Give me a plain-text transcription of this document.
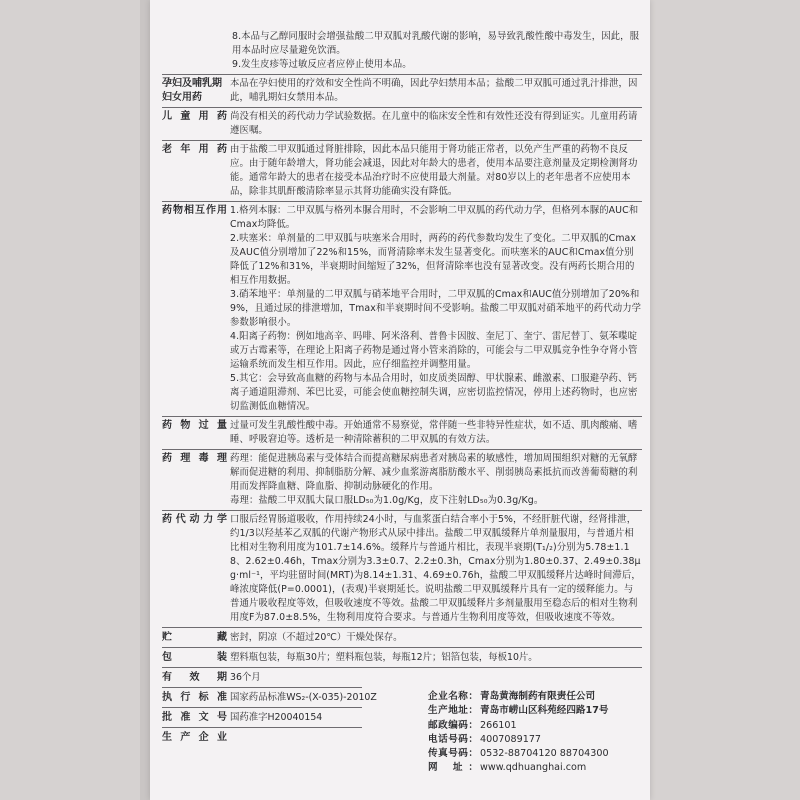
8.本品与乙醇同服时会增强盐酸二甲双胍对乳酸代谢的影响，易导致乳酸性酸中毒发生，因此，服用本品时应尽量避免饮酒。

9.发生皮疹等过敏反应者应停止使用本品。

孕妇及哺乳期妇女用药

本品在孕妇使用的疗效和安全性尚不明确，因此孕妇禁用本品；盐酸二甲双胍可通过乳汁排泄，因此，哺乳期妇女禁用本品。

儿童用药 尚没有相关的药代动力学试验数据。在儿童中的临床安全性和有效性还没有得到证实。儿童用药请遵医嘱。

老年用药 由于盐酸二甲双胍通过肾脏排除，因此本品只能用于肾功能正常者，以免产生严重的药物不良反应。由于随年龄增大，肾功能会减退，因此对年龄大的患者，使用本品要注意剂量及定期检测肾功能。通常年龄大的患者在接受本品治疗时不应使用最大剂量。对80岁以上的老年患者不应使用本品，除非其肌酐酸清除率显示其肾功能确实没有降低。

药物相互作用 1.格列本脲：二甲双胍与格列本脲合用时，不会影响二甲双胍的药代动力学，但格列本脲的AUC和Cmax均降低。

2.呋塞米：单剂量的二甲双胍与呋塞米合用时，两药的药代参数均发生了变化。二甲双胍的Cmax及AUC值分别增加了22%和15%，而肾清除率未发生显著变化。而呋塞米的AUC和Cmax值分别降低了12%和31%，半衰期时间缩短了32%，但肾清除率也没有显著改变。没有两药长期合用的相互作用数据。

3.硝苯地平：单剂量的二甲双胍与硝苯地平合用时，二甲双胍的Cmax和AUC值分别增加了20%和9%，且通过尿的排泄增加，Tmax和半衰期时间不受影响。盐酸二甲双胍对硝苯地平的药代动力学参数影响很小。

4.阳离子药物：例如地高辛、吗啡、阿米洛利、普鲁卡因胺、奎尼丁、奎宁、雷尼替丁、氨苯喋啶或万古霉素等，在理论上阳离子药物是通过肾小管来消除的，可能会与二甲双胍竞争性争夺肾小管运输系统而发生相互作用。因此，应仔细监控并调整用量。

5.其它：会导致高血糖的药物与本品合用时，如皮质类固醇、甲状腺素、雌激素、口服避孕药、钙离子通道阻滞剂、苯巴比妥，可能会使血糖控制失调，应密切监控情况，停用上述药物时，也应密切监测低血糖情况。

药物过量 过量可发生乳酸性酸中毒。开始通常不易察觉，常伴随一些非特异性症状，如不适、肌肉酸痛、嗜睡、呼吸窘迫等。透析是一种清除蓄积的二甲双胍的有效方法。

药理毒理 药理：能促进胰岛素与受体结合而提高糖尿病患者对胰岛素的敏感性，增加周围组织对糖的无氧酵解而促进糖的利用、抑制脂肪分解、减少血浆游离脂肪酸水平、削弱胰岛素抵抗而改善葡萄糖的利用而发挥降血糖、降血脂、抑制动脉硬化的作用。

毒理：盐酸二甲双胍大鼠口服LD₅₀为1.0g/Kg，皮下注射LD₅₀为0.3g/Kg。

药代动力学 口服后经胃肠道吸收，作用持续24小时，与血浆蛋白结合率小于5%，不经肝脏代谢，经肾排泄，约1/3以羟基苯乙双胍的代谢产物形式从尿中排出。盐酸二甲双胍缓释片单剂量服用，与普通片相比相对生物利用度为101.7±14.6%。缓释片与普通片相比，表现半衰期(T₁/₂)分别为5.78±1.18、2.62±0.46h，Tmax分别为3.3±0.7、2.2±0.3h，Cmax分别为1.80±0.37、2.49±0.38μg·ml⁻¹，平均驻留时间(MRT)为8.14±1.31、4.69±0.76h，盐酸二甲双胍缓释片达峰时间滞后，峰浓度降低(P=0.0001)，(表观)半衰期延长。说明盐酸二甲双胍缓释片具有一定的缓释能力。与普通片吸收程度等效，但吸收速度不等效。盐酸二甲双胍缓释片多剂量服用至稳态后的相对生物利用度F为87.0±8.5%，生物利用度符合要求。与普通片生物利用度等效，但吸收速度不等效。

贮藏 密封，阴凉（不超过20℃）干燥处保存。
包装 塑料瓶包装，每瓶30片；塑料瓶包装，每瓶12片；铝箔包装，每板10片。
有效期 36个月
执行标准 国家药品标准WS₂-(X-035)-2010Z
批准文号 国药准字H20040154
生产企业
企业名称： 青岛黄海制药有限责任公司
生产地址： 青岛市崂山区科苑经四路17号
邮政编码： 266101
电话号码： 4007089177
传真号码： 0532-88704120 88704300
网 址： www.qdhuanghai.com
